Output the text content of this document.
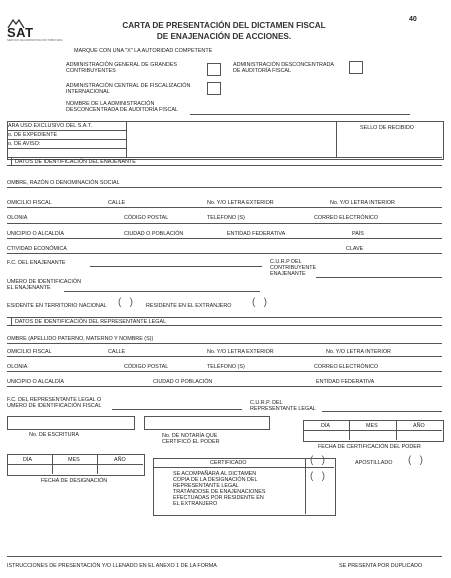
SAT
SERVICIO DE ADMINISTRACIÓN TRIBUTARIA
40
CARTA DE PRESENTACIÓN DEL DICTAMEN FISCAL
DE ENAJENACIÓN DE ACCIONES.
MARQUE CON UNA "X" LA AUTORIDAD COMPETENTE
ADMINISTRACIÓN GENERAL DE GRANDES
CONTRIBUYENTES
ADMINISTRACIÓN DESCONCENTRADA
DE AUDITORÍA FISCAL
ADMINISTRACIÓN CENTRAL DE FISCALIZACIÓN
INTERNACIONAL
NOMBRE DE LA ADMINISTRACIÓN
DESCONCENTRADA DE AUDITORÍA FISCAL
ARA USO EXCLUSIVO DEL S.A.T.
o. DE EXPEDIENTE
o. DE AVISO:
SELLO DE RECIBIDO
DATOS DE IDENTIFICACIÓN DEL ENAJENANTE
OMBRE, RAZÓN O DENOMINACIÓN SOCIAL
OMICILIO FISCAL	CALLE	No. Y/O LETRA EXTERIOR	No. Y/O LETRA INTERIOR
OLONIA	CÓDIGO POSTAL	TELÉFONO (S)	CORREO ELECTRÓNICO
UNICIPIO O ALCALDÍA	CIUDAD O POBLACIÓN	ENTIDAD FEDERATIVA	PAÍS
CTIVIDAD ECONÓMICA	CLAVE
F.C. DEL ENAJENANTE	C.U.R.P DEL
CONTRIBUYENTE
ENAJENANTE
UMERO DE IDENTIFICACIÓN
EL ENAJENANTE
ESIDENTE EN TERRITORIO NACIONAL (   ) RESIDENTE EN EL EXTRANJERO (   )
DATOS DE IDENTIFICACIÓN DEL REPRESENTANTE LEGAL
OMBRE (APELLIDO PATERNO, MATERNO Y NOMBRE (S))
OMICILIO FISCAL	CALLE	No. Y/O LETRA EXTERIOR	No. Y/O LETRA INTERIOR
OLONIA	CÓDIGO POSTAL	TELÉFONO (S)	CORREO ELECTRÓNICO
UNICIPIO O ALCALDÍA	CIUDAD O POBLACIÓN	ENTIDAD FEDERATIVA
F.C. DEL REPRESENTANTE LEGAL O
UMERO DE IDENTIFICACIÓN FISCAL	C.U.R.P. DEL
REPRESENTANTE LEGAL
No. DE ESCRITURA	No. DE NOTARÍA QUE
CERTIFICÓ EL PODER
DÍA	MES	AÑO
FECHA DE CERTIFICACIÓN DEL PODER
DÍA	MES	AÑO
FECHA DE DESIGNACIÓN
CERTIFICADO	(   )
SE ACOMPAÑARÁ AL DICTAMEN
COPIA DE LA DESIGNACIÓN DEL
REPRESENTANTE LEGAL
TRATÁNDOSE DE ENAJENACIONES
EFECTUADAS POR RESIDENTE EN
EL EXTRANJERO
(   )
APOSTILLADO (   )
ISTRUCCIONES DE PRESENTACIÓN Y/O LLENADO EN EL ANEXO 1 DE LA FORMA	SE PRESENTA POR DUPLICADO
